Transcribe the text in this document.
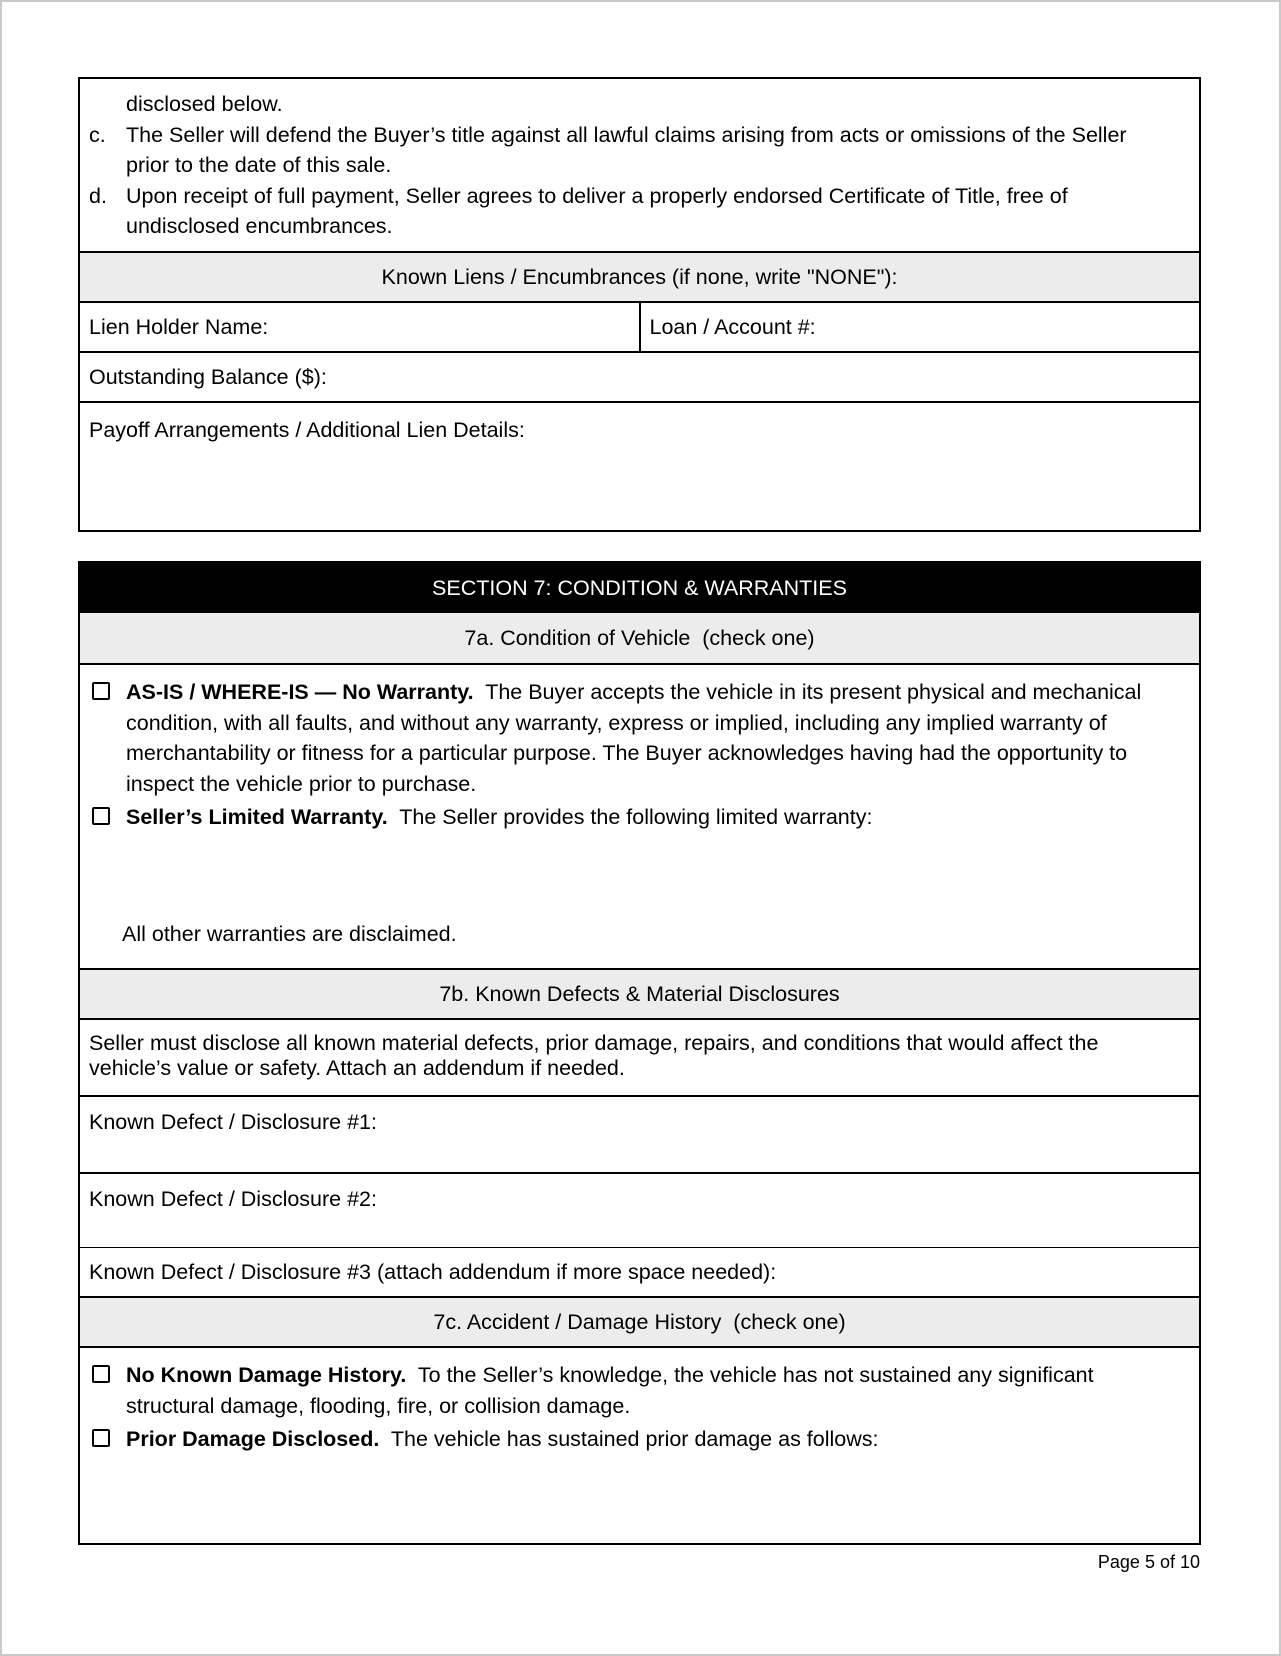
disclosed below.
c. The Seller will defend the Buyer’s title against all lawful claims arising from acts or omissions of the Seller prior to the date of this sale.
d. Upon receipt of full payment, Seller agrees to deliver a properly endorsed Certificate of Title, free of undisclosed encumbrances.
Known Liens / Encumbrances (if none, write "NONE"):
Lien Holder Name:	Loan / Account #:
Outstanding Balance ($):
Payoff Arrangements / Additional Lien Details:
SECTION 7: CONDITION & WARRANTIES
7a. Condition of Vehicle  (check one)
AS-IS / WHERE-IS — No Warranty. The Buyer accepts the vehicle in its present physical and mechanical condition, with all faults, and without any warranty, express or implied, including any implied warranty of merchantability or fitness for a particular purpose. The Buyer acknowledges having had the opportunity to inspect the vehicle prior to purchase.
Seller’s Limited Warranty. The Seller provides the following limited warranty:
All other warranties are disclaimed.
7b. Known Defects & Material Disclosures
Seller must disclose all known material defects, prior damage, repairs, and conditions that would affect the vehicle’s value or safety. Attach an addendum if needed.
Known Defect / Disclosure #1:
Known Defect / Disclosure #2:
Known Defect / Disclosure #3 (attach addendum if more space needed):
7c. Accident / Damage History  (check one)
No Known Damage History. To the Seller’s knowledge, the vehicle has not sustained any significant structural damage, flooding, fire, or collision damage.
Prior Damage Disclosed. The vehicle has sustained prior damage as follows:
Page 5 of 10
